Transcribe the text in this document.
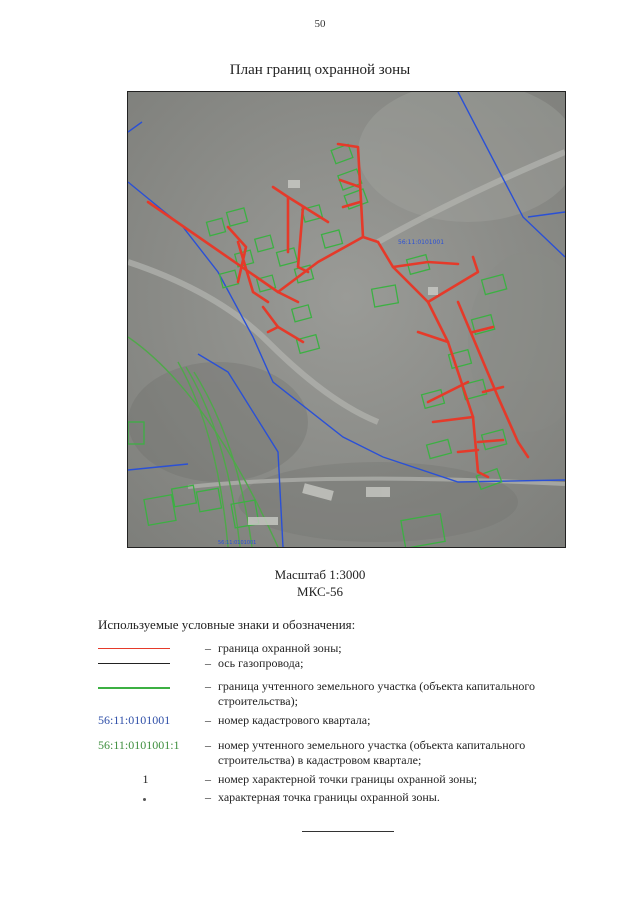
50
План границ охранной зоны
56:11:0101001
56:11:0101001
Масштаб 1:3000
МКС-56
Используемые условные знаки и обозначения:
– граница охранной зоны;
– ось газопровода;
– граница учтенного земельного участка (объекта капитального строительства);
56:11:0101001	– номер кадастрового квартала;
56:11:0101001:1	– номер учтенного земельного участка (объекта капитального строительства) в кадастровом квартале;
1	– номер характерной точки границы охранной зоны;
– характерная точка границы охранной зоны.
